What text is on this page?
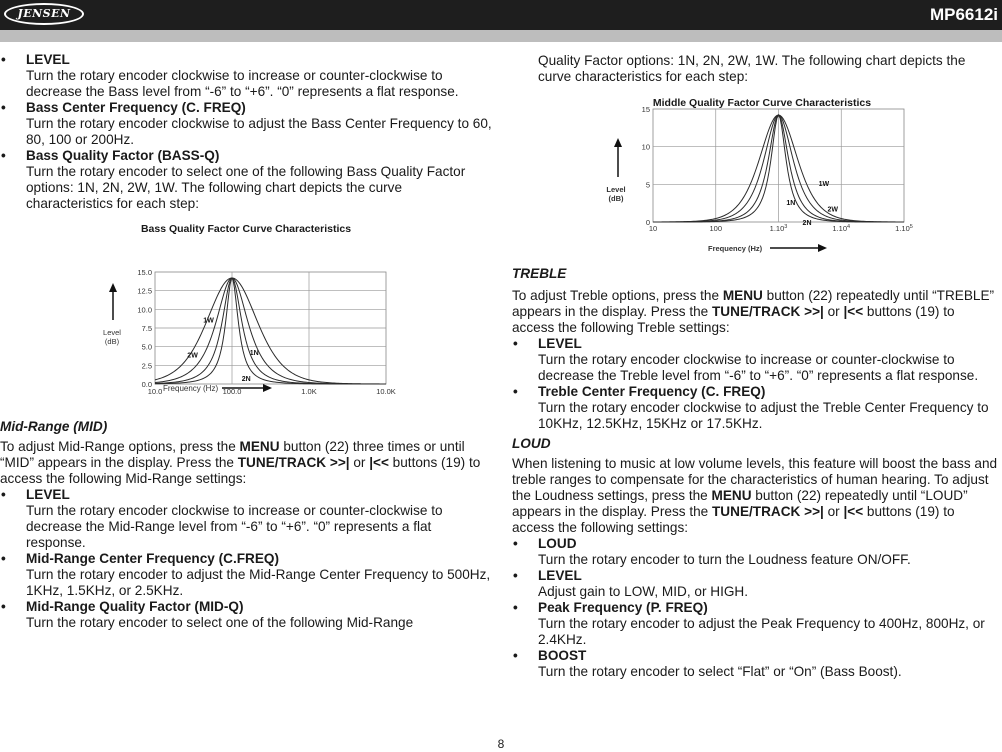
JENSEN	MP6612i
• LEVEL
Turn the rotary encoder clockwise to increase or counter-clockwise to decrease the Bass level from “-6” to “+6”. “0” represents a flat response.
• Bass Center Frequency (C. FREQ)
Turn the rotary encoder clockwise to adjust the Bass Center Frequency to 60, 80, 100 or 200Hz.
• Bass Quality Factor (BASS-Q)
Turn the rotary encoder to select one of the following Bass Quality Factor options: 1N, 2N, 2W, 1W. The following chart depicts the curve characteristics for each step:
Bass Quality Factor Curve Characteristics
10.0	100.0	1.0K	10.0K
0.0
2.5
5.0
7.5
10.0
12.5
15.0
1W
2W	1N
2N
Level (dB)
Frequency (Hz)
Mid-Range (MID)

To adjust Mid-Range options, press the MENU button (22) three times or until “MID” appears in the display. Press the TUNE/TRACK >>| or |<< buttons (19) to access the following Mid-Range settings:

• LEVEL
Turn the rotary encoder clockwise to increase or counter-clockwise to decrease the Mid-Range level from “-6” to “+6”. “0” represents a flat response.
• Mid-Range Center Frequency (C.FREQ)
Turn the rotary encoder to adjust the Mid-Range Center Frequency to 500Hz, 1KHz, 1.5KHz, or 2.5KHz.
• Mid-Range Quality Factor (MID-Q)
Turn the rotary encoder to select one of the following Mid-Range

Quality Factor options: 1N, 2N, 2W, 1W. The following chart depicts the curve characteristics for each step:

Middle Quality Factor Curve Characteristics
10	100	1.10$^3$	1.10$^4$	1.10$^5$
0
5
10
15
1W
2W
2N
1N
Level (dB)
Frequency (Hz)
TREBLE

To adjust Treble options, press the MENU button (22) repeatedly until “TREBLE” appears in the display. Press the TUNE/TRACK >>| or |<< buttons (19) to access the following Treble settings:

• LEVEL
Turn the rotary encoder clockwise to increase or counter-clockwise to decrease the Treble level from “-6” to “+6”. “0” represents a flat response.
• Treble Center Frequency (C. FREQ)
Turn the rotary encoder clockwise to adjust the Treble Center Frequency to 10KHz, 12.5KHz, 15KHz or 17.5KHz.
LOUD

When listening to music at low volume levels, this feature will boost the bass and treble ranges to compensate for the characteristics of human hearing. To adjust the Loudness settings, press the MENU button (22) repeatedly until “LOUD” appears in the display. Press the TUNE/TRACK >>| or |<< buttons (19) to access the following settings:

• LOUD
Turn the rotary encoder to turn the Loudness feature ON/OFF.
• LEVEL
Adjust gain to LOW, MID, or HIGH.
• Peak Frequency (P. FREQ)
Turn the rotary encoder to adjust the Peak Frequency to 400Hz, 800Hz, or 2.4KHz.
• BOOST
Turn the rotary encoder to select “Flat” or “On” (Bass Boost).
8
